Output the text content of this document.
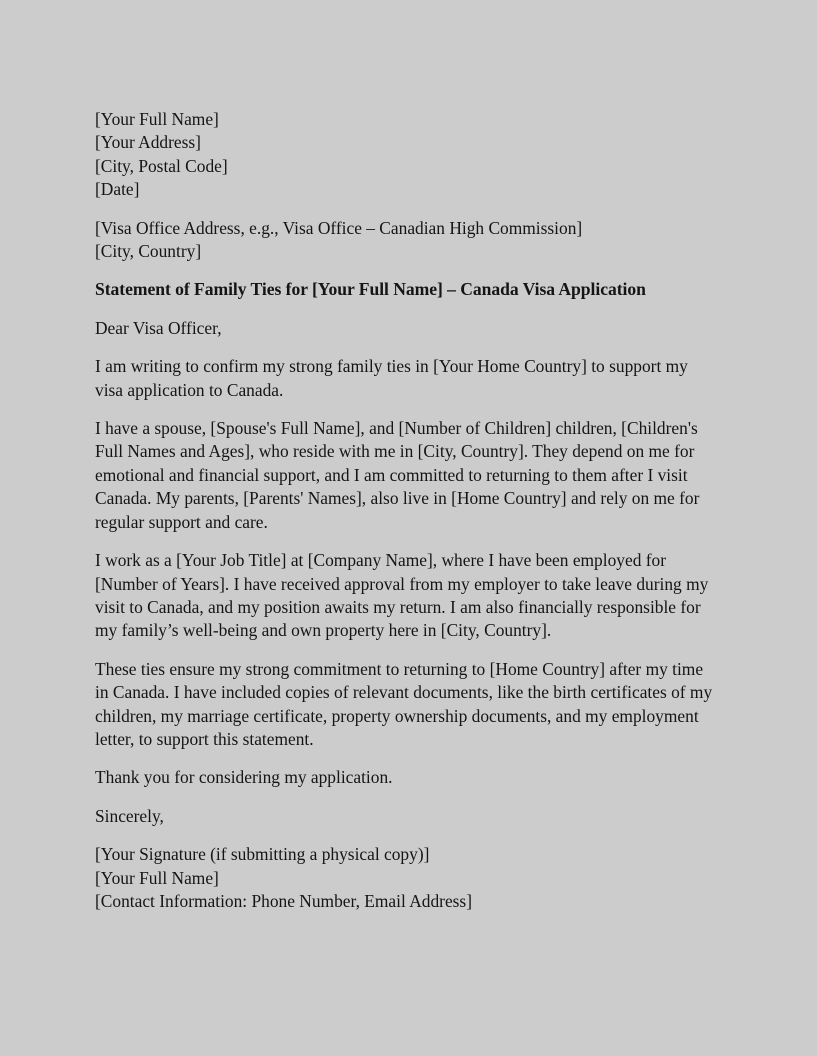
[Your Full Name]
[Your Address]
[City, Postal Code]
[Date]
[Visa Office Address, e.g., Visa Office – Canadian High Commission]
[City, Country]
Statement of Family Ties for [Your Full Name] – Canada Visa Application
Dear Visa Officer,
I am writing to confirm my strong family ties in [Your Home Country] to support my visa application to Canada.
I have a spouse, [Spouse's Full Name], and [Number of Children] children, [Children's Full Names and Ages], who reside with me in [City, Country]. They depend on me for emotional and financial support, and I am committed to returning to them after I visit Canada. My parents, [Parents' Names], also live in [Home Country] and rely on me for regular support and care.
I work as a [Your Job Title] at [Company Name], where I have been employed for [Number of Years]. I have received approval from my employer to take leave during my visit to Canada, and my position awaits my return. I am also financially responsible for my family’s well-being and own property here in [City, Country].
These ties ensure my strong commitment to returning to [Home Country] after my time in Canada. I have included copies of relevant documents, like the birth certificates of my children, my marriage certificate, property ownership documents, and my employment letter, to support this statement.
Thank you for considering my application.
Sincerely,
[Your Signature (if submitting a physical copy)]
[Your Full Name]
[Contact Information: Phone Number, Email Address]
